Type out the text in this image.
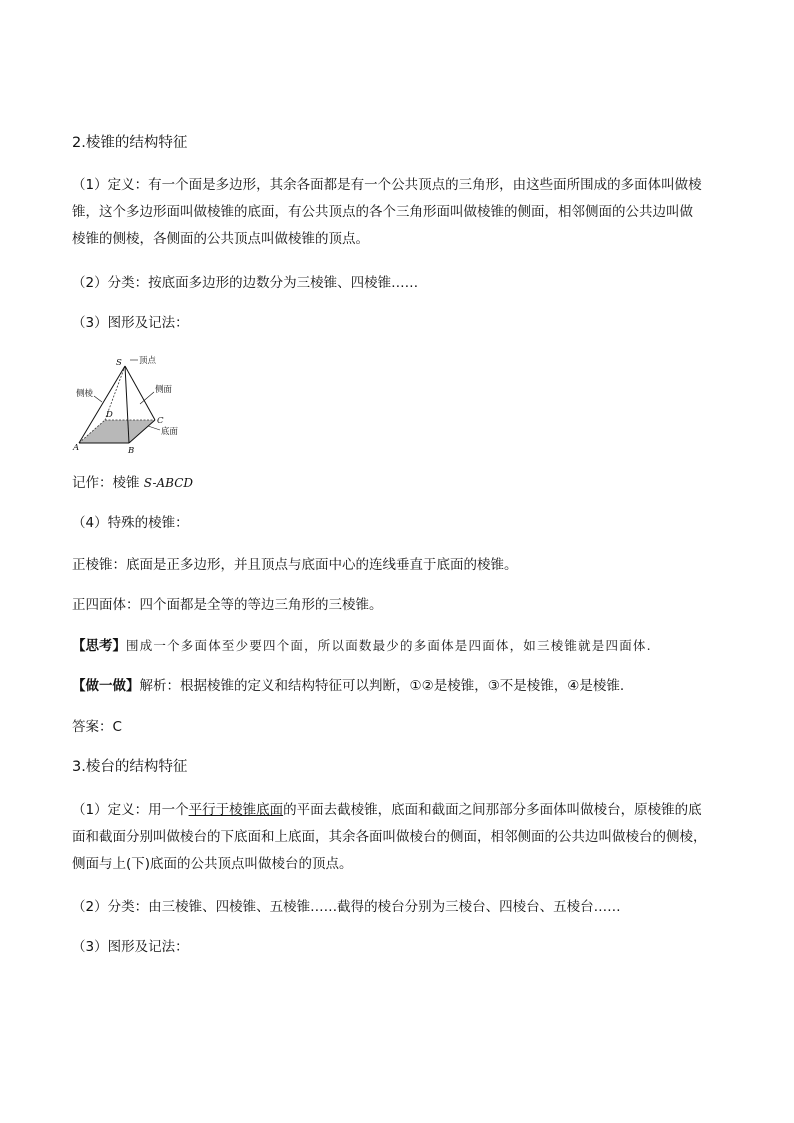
2.棱锥的结构特征

（1）定义：有一个面是多边形，其余各面都是有一个公共顶点的三角形，由这些面所围成的多面体叫做棱

锥，这个多边形面叫做棱锥的底面，有公共顶点的各个三角形面叫做棱锥的侧面，相邻侧面的公共边叫做

棱锥的侧棱，各侧面的公共顶点叫做棱锥的顶点。

（2）分类：按底面多边形的边数分为三棱锥、四棱锥……
（3）图形及记法：
S 顶点
侧棱	侧面
D
C
底面
A	B
记作：棱锥 S-ABCD
（4）特殊的棱锥：
正棱锥：底面是正多边形，并且顶点与底面中心的连线垂直于底面的棱锥。
正四面体：四个面都是全等的等边三角形的三棱锥。
【思考】围成一个多面体至少要四个面，所以面数最少的多面体是四面体，如三棱锥就是四面体.
【做一做】解析：根据棱锥的定义和结构特征可以判断，①②是棱锥，③不是棱锥，④是棱锥.
答案：C
3.棱台的结构特征

（1）定义：用一个平行于棱锥底面的平面去截棱锥，底面和截面之间那部分多面体叫做棱台，原棱锥的底

面和截面分别叫做棱台的下底面和上底面，其余各面叫做棱台的侧面，相邻侧面的公共边叫做棱台的侧棱，

侧面与上(下)底面的公共顶点叫做棱台的顶点。

（2）分类：由三棱锥、四棱锥、五棱锥……截得的棱台分别为三棱台、四棱台、五棱台……
（3）图形及记法：
